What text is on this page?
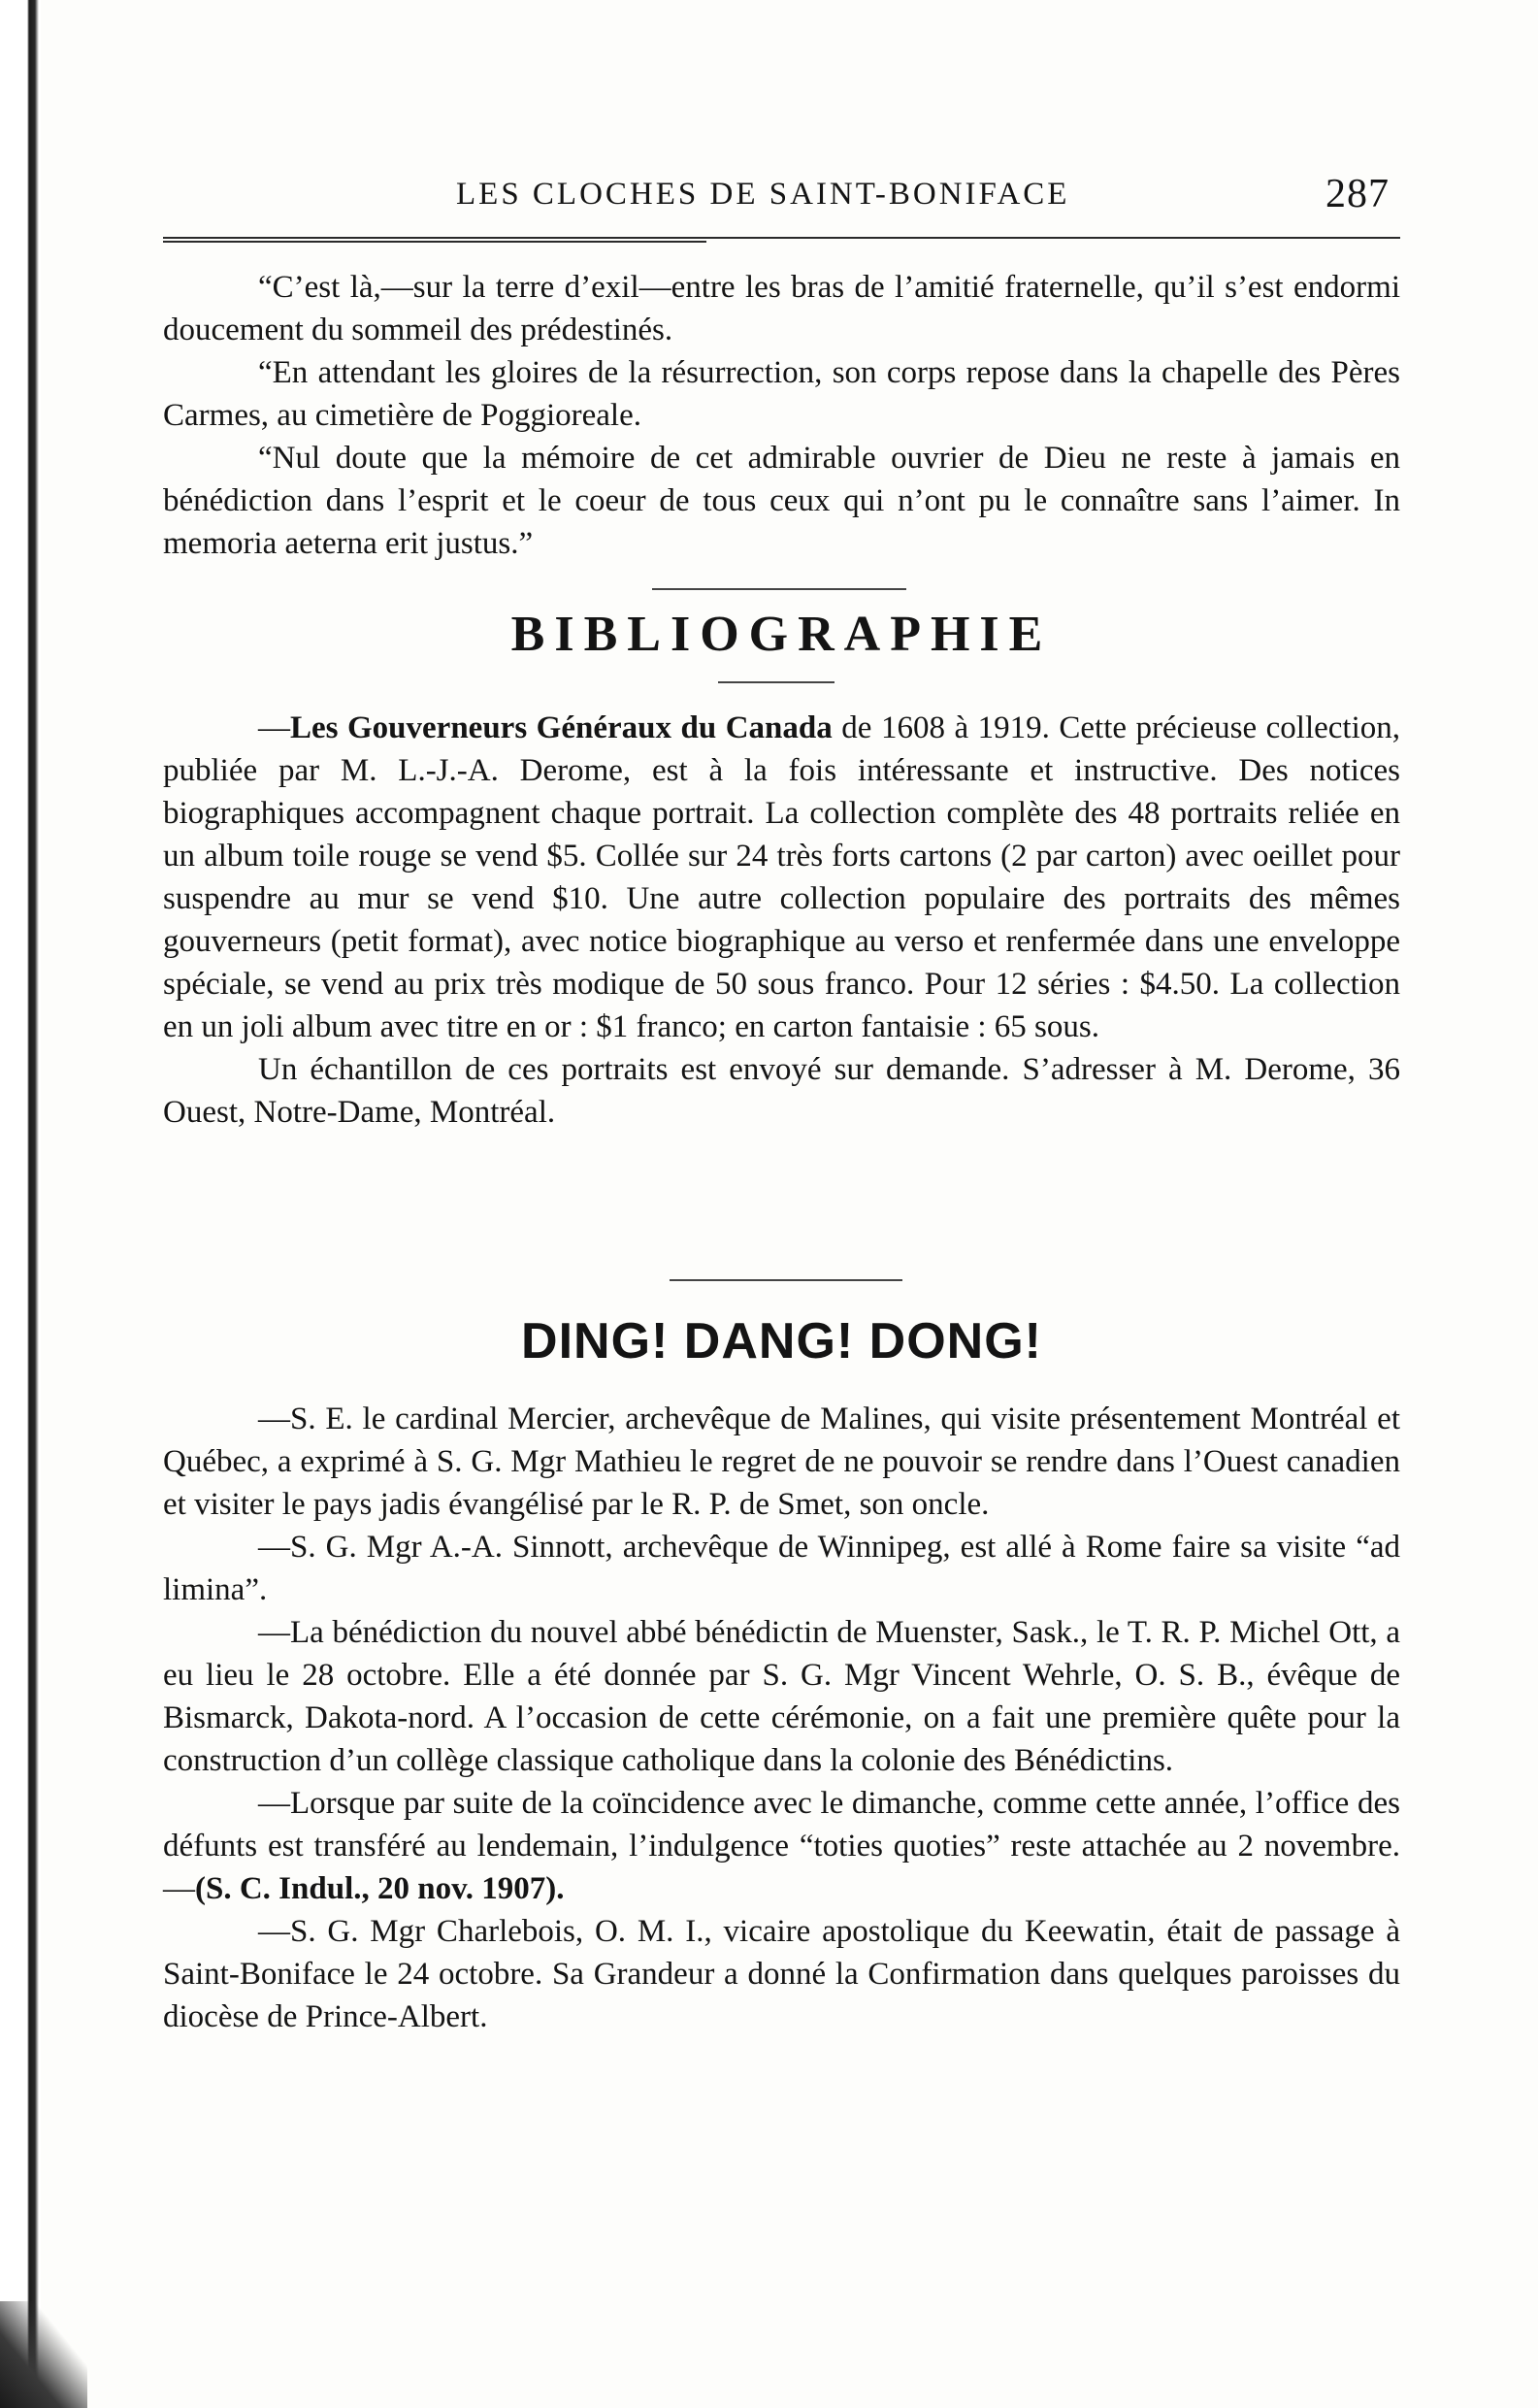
LES CLOCHES DE SAINT-BONIFACE	287

“C’est là,—sur la terre d’exil—entre les bras de l’amitié fraternelle, qu’il s’est endormi doucement du sommeil des prédestinés.

“En attendant les gloires de la résurrection, son corps repose dans la chapelle des Pères Carmes, au cimetière de Poggioreale.

“Nul doute que la mémoire de cet admirable ouvrier de Dieu ne reste à jamais en bénédiction dans l’esprit et le coeur de tous ceux qui n’ont pu le connaître sans l’aimer. In memoria aeterna erit justus.”

BIBLIOGRAPHIE

—Les Gouverneurs Généraux du Canada de 1608 à 1919. Cette précieuse collection, publiée par M. L.-J.-A. Derome, est à la fois intéressante et instructive. Des notices biographiques accompagnent chaque portrait. La collection complète des 48 portraits reliée en un album toile rouge se vend $5. Collée sur 24 très forts cartons (2 par carton) avec oeillet pour suspendre au mur se vend $10. Une autre collection populaire des portraits des mêmes gouverneurs (petit format), avec notice biographique au verso et renfermée dans une enveloppe spéciale, se vend au prix très modique de 50 sous franco. Pour 12 séries : $4.50. La collection en un joli album avec titre en or : $1 franco; en carton fantaisie : 65 sous.

Un échantillon de ces portraits est envoyé sur demande. S’adresser à M. Derome, 36 Ouest, Notre-Dame, Montréal.

DING! DANG! DONG!

—S. E. le cardinal Mercier, archevêque de Malines, qui visite présentement Montréal et Québec, a exprimé à S. G. Mgr Mathieu le regret de ne pouvoir se rendre dans l’Ouest canadien et visiter le pays jadis évangélisé par le R. P. de Smet, son oncle.

—S. G. Mgr A.-A. Sinnott, archevêque de Winnipeg, est allé à Rome faire sa visite “ad limina”.

—La bénédiction du nouvel abbé bénédictin de Muenster, Sask., le T. R. P. Michel Ott, a eu lieu le 28 octobre. Elle a été donnée par S. G. Mgr Vincent Wehrle, O. S. B., évêque de Bismarck, Dakota-nord. A l’occasion de cette cérémonie, on a fait une première quête pour la construction d’un collège classique catholique dans la colonie des Bénédictins.

—Lorsque par suite de la coïncidence avec le dimanche, comme cette année, l’office des défunts est transféré au lendemain, l’indulgence “toties quoties” reste attachée au 2 novembre.—(S. C. Indul., 20 nov. 1907).

—S. G. Mgr Charlebois, O. M. I., vicaire apostolique du Keewatin, était de passage à Saint-Boniface le 24 octobre. Sa Grandeur a donné la Confirmation dans quelques paroisses du diocèse de Prince-Albert.
